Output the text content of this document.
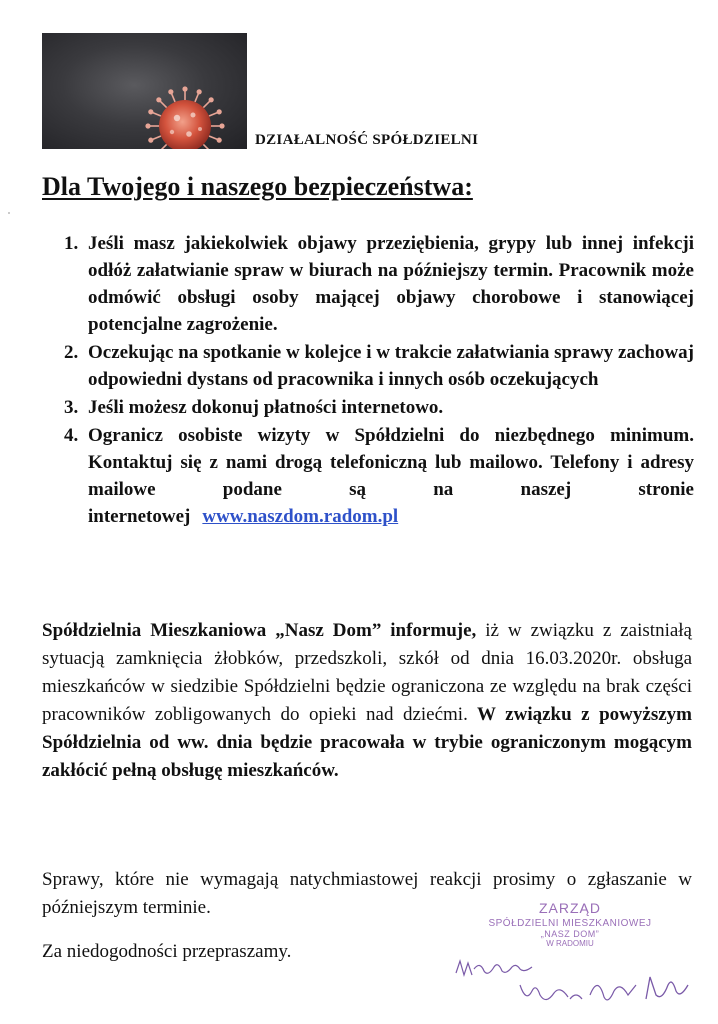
DZIAŁALNOŚĆ SPÓŁDZIELNI
Dla Twojego i naszego bezpieczeństwa:
1. Jeśli masz jakiekolwiek objawy przeziębienia, grypy lub innej infekcji odłóż załatwianie spraw w biurach na późniejszy termin. Pracownik może odmówić obsługi osoby mającej objawy chorobowe i stanowiącej potencjalne zagrożenie.
2. Oczekując na spotkanie w kolejce i w trakcie załatwiania sprawy zachowaj odpowiedni dystans od pracownika i innych osób oczekujących
3. Jeśli możesz dokonuj płatności internetowo.
4. Ogranicz osobiste wizyty w Spółdzielni do niezbędnego minimum. Kontaktuj się z nami drogą telefoniczną lub mailowo. Telefony i adresy mailowe podane są na naszej stronie internetowej www.naszdom.radom.pl
Spółdzielnia Mieszkaniowa „Nasz Dom” informuje, iż w związku z zaistniałą sytuacją zamknięcia żłobków, przedszkoli, szkół od dnia 16.03.2020r. obsługa mieszkańców w siedzibie Spółdzielni będzie ograniczona ze względu na brak części pracowników zobligowanych do opieki nad dziećmi. W związku z powyższym Spółdzielnia od ww. dnia będzie pracowała w trybie ograniczonym mogącym zakłócić pełną obsługę mieszkańców.
Sprawy, które nie wymagają natychmiastowej reakcji prosimy o zgłaszanie w późniejszym terminie.
Za niedogodności przepraszamy.
ZARZĄD
SPÓŁDZIELNI MIESZKANIOWEJ
„NASZ DOM”
W RADOMIU
